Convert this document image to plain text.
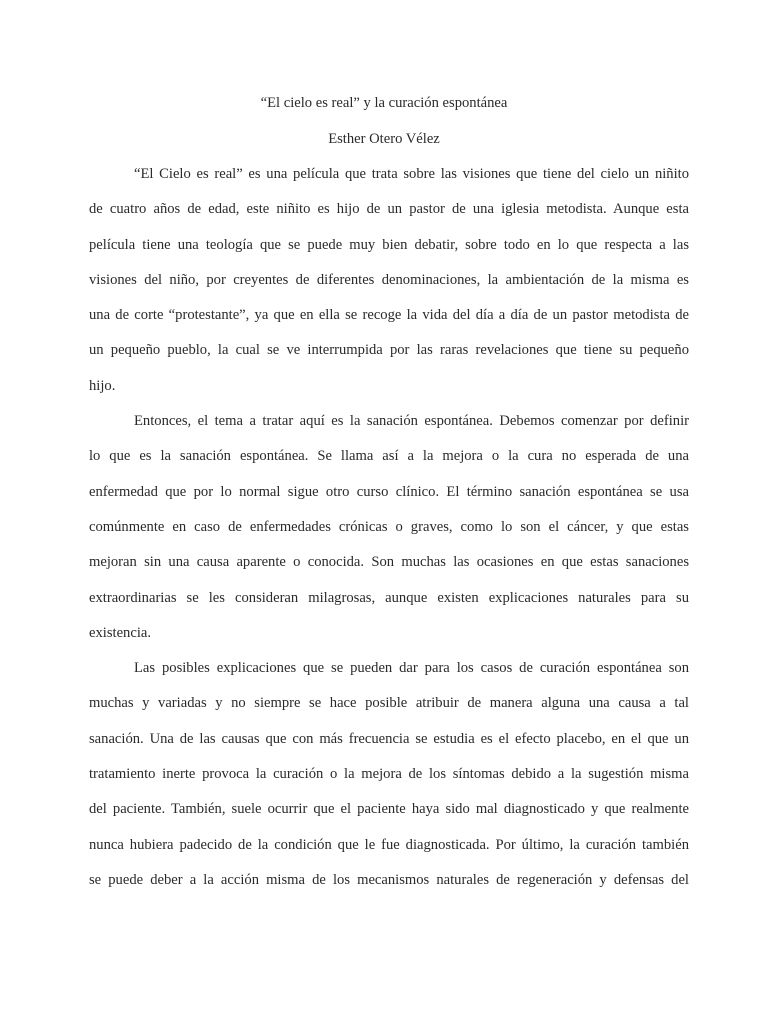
“El cielo es real” y la curación espontánea
Esther Otero Vélez
“El Cielo es real” es una película que trata sobre las visiones que tiene del cielo un niñito
de cuatro años de edad, este niñito es hijo de un pastor de una iglesia metodista. Aunque esta
película tiene una teología que se puede muy bien debatir, sobre todo en lo que respecta a las
visiones del niño, por creyentes de diferentes denominaciones, la ambientación de la misma es
una de corte “protestante”, ya que en ella se recoge la vida del día a día de un pastor metodista de
un pequeño pueblo, la cual se ve interrumpida por las raras revelaciones que tiene su pequeño
hijo.
Entonces, el tema a tratar aquí es la sanación espontánea. Debemos comenzar por definir
lo que es la sanación espontánea. Se llama así a la mejora o la cura no esperada de una
enfermedad que por lo normal sigue otro curso clínico. El término sanación espontánea se usa
comúnmente en caso de enfermedades crónicas o graves, como lo son el cáncer, y que estas
mejoran sin una causa aparente o conocida. Son muchas las ocasiones en que estas sanaciones
extraordinarias se les consideran milagrosas, aunque existen explicaciones naturales para su
existencia.
Las posibles explicaciones que se pueden dar para los casos de curación espontánea son
muchas y variadas y no siempre se hace posible atribuir de manera alguna una causa a tal
sanación. Una de las causas que con más frecuencia se estudia es el efecto placebo, en el que un
tratamiento inerte provoca la curación o la mejora de los síntomas debido a la sugestión misma
del paciente. También, suele ocurrir que el paciente haya sido mal diagnosticado y que realmente
nunca hubiera padecido de la condición que le fue diagnosticada. Por último, la curación también
se puede deber a la acción misma de los mecanismos naturales de regeneración y defensas del
